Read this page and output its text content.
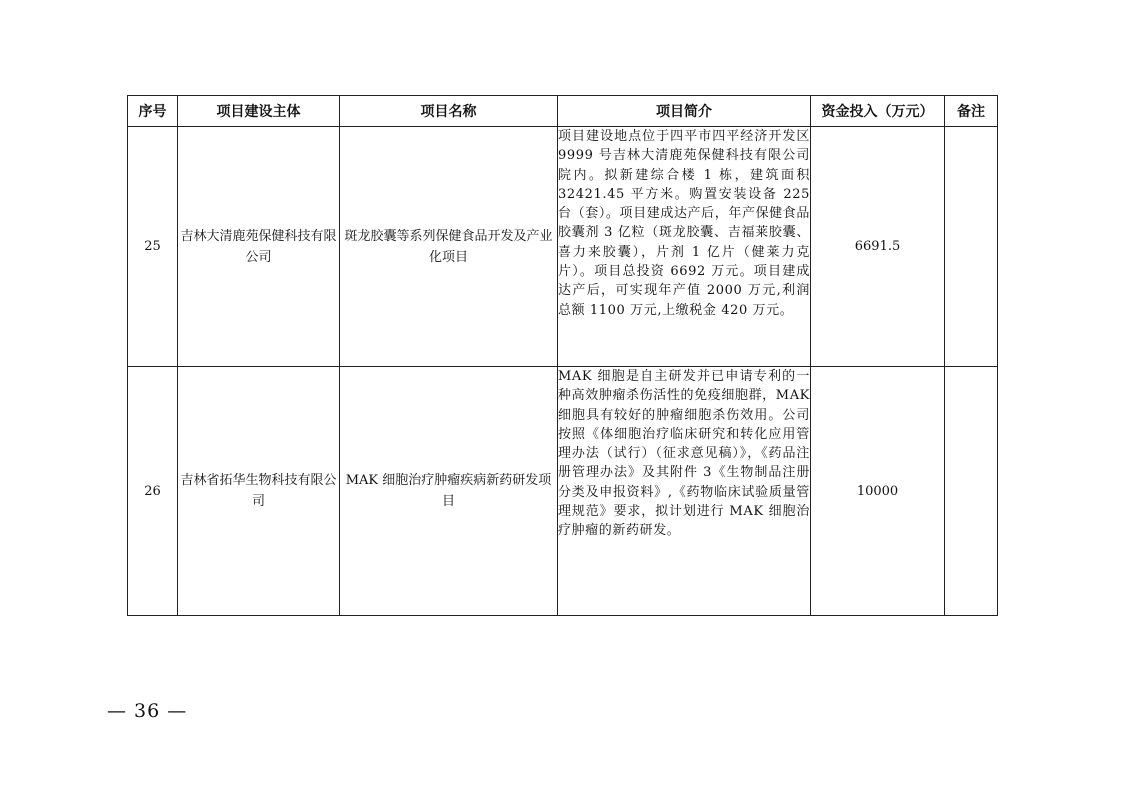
序号	项目建设主体	项目名称	项目简介	资金投入（万元）	备注
25	吉林大清鹿苑保健科技有限公司	斑龙胶囊等系列保健食品开发及产业化项目	项目建设地点位于四平市四平经济开发区 9999 号吉林大清鹿苑保健科技有限公司院内。拟新建综合楼 1 栋，建筑面积 32421.45 平方米。购置安装设备 225 台（套）。项目建成达产后，年产保健食品胶囊剂 3 亿粒（斑龙胶囊、吉福莱胶囊、喜力来胶囊），片剂 1 亿片（健莱力克片）。项目总投资 6692 万元。项目建成达产后，可实现年产值 2000 万元,利润总额 1100 万元,上缴税金 420 万元。	6691.5	
26	吉林省拓华生物科技有限公司	MAK 细胞治疗肿瘤疾病新药研发项目	MAK 细胞是自主研发并已申请专利的一种高效肿瘤杀伤活性的免疫细胞群，MAK 细胞具有较好的肿瘤细胞杀伤效用。公司按照《体细胞治疗临床研究和转化应用管理办法（试行）（征求意见稿）》，《药品注册管理办法》及其附件 3《生物制品注册分类及申报资料》,《药物临床试验质量管理规范》要求，拟计划进行 MAK 细胞治疗肿瘤的新药研发。	10000	
— 36 —
